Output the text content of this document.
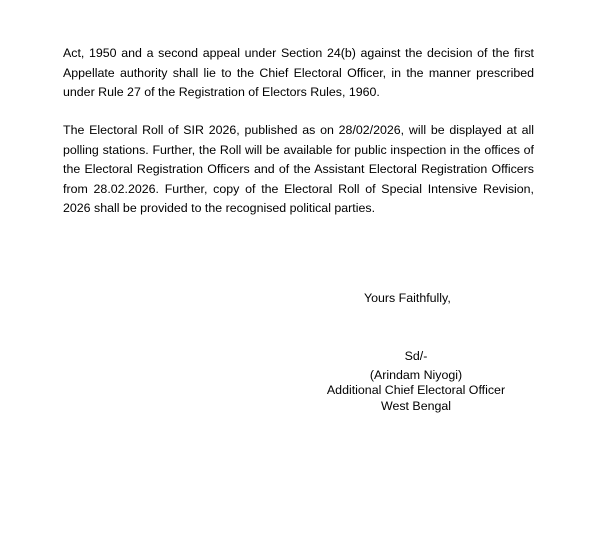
Act, 1950 and a second appeal under Section 24(b) against the decision of the first Appellate authority shall lie to the Chief Electoral Officer, in the manner prescribed under Rule 27 of the Registration of Electors Rules, 1960.

The Electoral Roll of SIR 2026, published as on 28/02/2026, will be displayed at all polling stations. Further, the Roll will be available for public inspection in the offices of the Electoral Registration Officers and of the Assistant Electoral Registration Officers from 28.02.2026. Further, copy of the Electoral Roll of Special Intensive Revision, 2026 shall be provided to the recognised political parties.

Yours Faithfully,

Sd/-
(Arindam Niyogi)
Additional Chief Electoral Officer
West Bengal
